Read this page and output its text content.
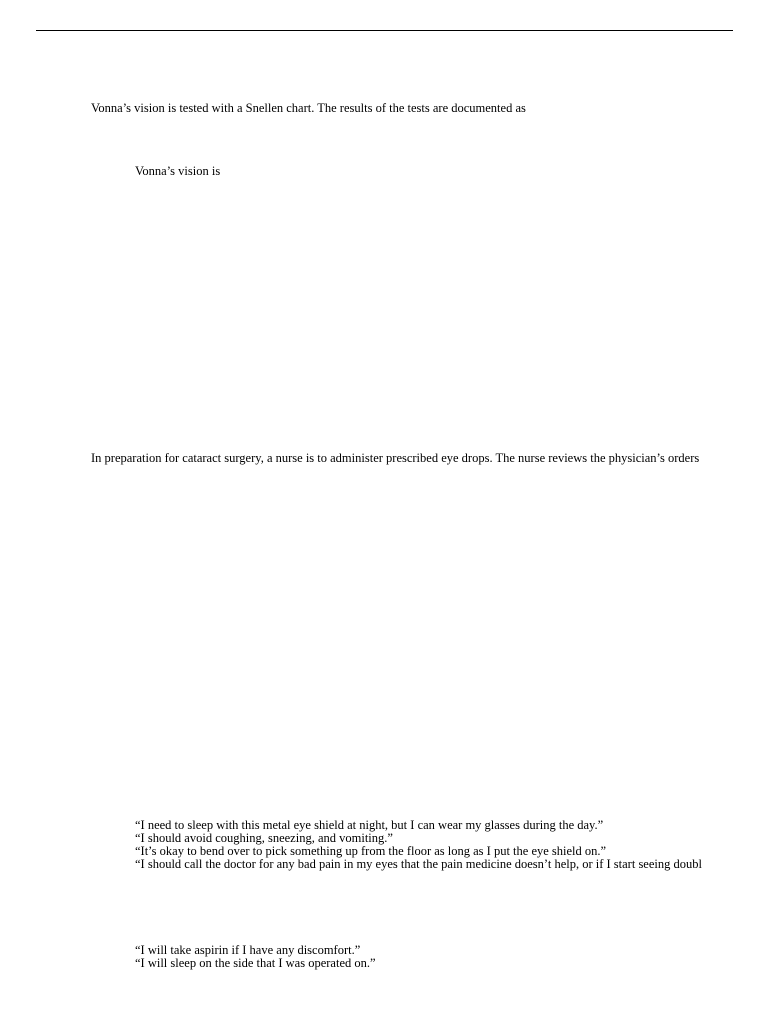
Vonna’s vision is tested with a Snellen chart. The results of the tests are documented as
Vonna’s vision is
In preparation for cataract surgery, a nurse is to administer prescribed eye drops. The nurse reviews the physician’s orders
“I need to sleep with this metal eye shield at night, but I can wear my glasses during the day.”
“I should avoid coughing, sneezing, and vomiting.”
“It’s okay to bend over to pick something up from the floor as long as I put the eye shield on.”
“I should call the doctor for any bad pain in my eyes that the pain medicine doesn’t help, or if I start seeing doubl
“I will take aspirin if I have any discomfort.”
“I will sleep on the side that I was operated on.”
